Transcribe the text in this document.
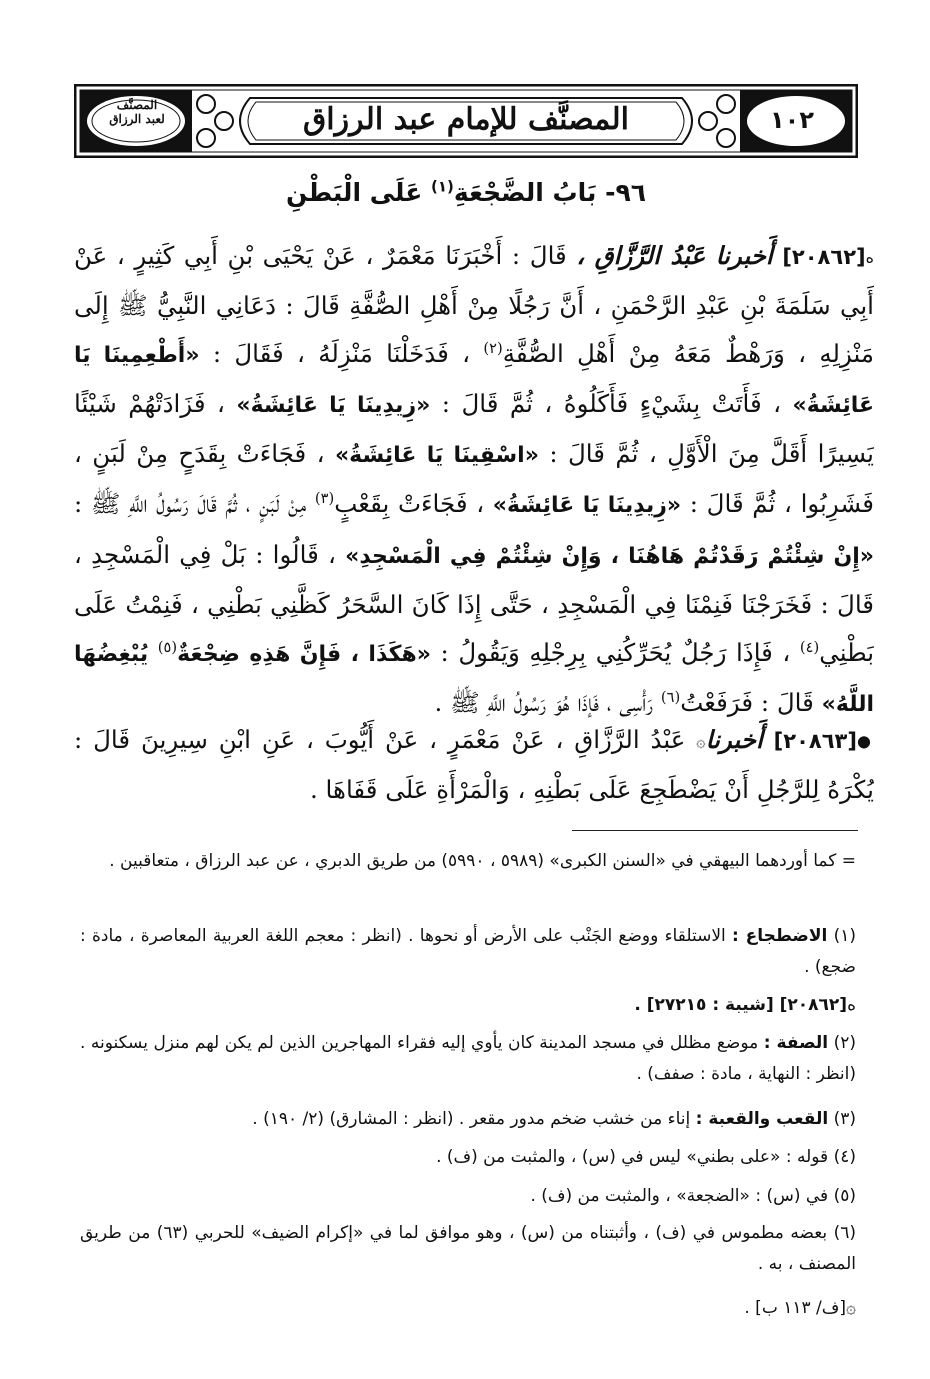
المصنَّف
لعبد الرزاق	المصنَّف للإمام عبد الرزاق	١٠٢
٩٦- بَابُ الضَّجْعَةِ$^{(١)}$ عَلَى الْبَطْنِ
ه[٢٠٨٦٢] أَخبرنا عَبْدُ الرَّزَّاقِ ، قَالَ : أَخْبَرَنَا مَعْمَرٌ ، عَنْ يَحْيَى بْنِ أَبِي كَثِيرٍ ، عَنْ أَبِي سَلَمَةَ بْنِ عَبْدِ الرَّحْمَنِ ، أَنَّ رَجُلًا مِنْ أَهْلِ الصُّفَّةِ قَالَ : دَعَانِي النَّبِيُّ ﷺ إِلَى مَنْزِلِهِ ، وَرَهْطٌ مَعَهُ مِنْ أَهْلِ الصُّفَّةِ$^{(٢)}$ ، فَدَخَلْنَا مَنْزِلَهُ ، فَقَالَ : «أَطْعِمِينَا يَا عَائِشَةُ» ، فَأَتَتْ بِشَيْءٍ فَأَكَلُوهُ ، ثُمَّ قَالَ : «زِيدِينَا يَا عَائِشَةُ» ، فَزَادَتْهُمْ شَيْئًا يَسِيرًا أَقَلَّ مِنَ الْأَوَّلِ ، ثُمَّ قَالَ : «اسْقِينَا يَا عَائِشَةُ» ، فَجَاءَتْ بِقَدَحٍ مِنْ لَبَنٍ ، فَشَرِبُوا ، ثُمَّ قَالَ : «زِيدِينَا يَا عَائِشَةُ» ، فَجَاءَتْ بِقَعْبٍ$^{(٣)}$ مِنْ لَبَنٍ ، ثُمَّ قَالَ رَسُولُ اللَّهِ ﷺ : «إِنْ شِئْتُمْ رَقَدْتُمْ هَاهُنَا ، وَإِنْ شِئْتُمْ فِي الْمَسْجِدِ» ، قَالُوا : بَلْ فِي الْمَسْجِدِ ، قَالَ : فَخَرَجْنَا فَنِمْنَا فِي الْمَسْجِدِ ، حَتَّى إِذَا كَانَ السَّحَرُ كَظَّنِي بَطْنِي ، فَنِمْتُ عَلَى بَطْنِي$^{(٤)}$ ، فَإِذَا رَجُلٌ يُحَرِّكُنِي بِرِجْلِهِ وَيَقُولُ : «هَكَذَا ، فَإِنَّ هَذِهِ ضِجْعَةٌ$^{(٥)}$ يُبْغِضُهَا اللَّهُ» قَالَ : فَرَفَعْتُ$^{(٦)}$ رَأْسِي ، فَإِذَا هُوَ رَسُولُ اللَّهِ ﷺ .
●[٢٠٨٦٣] أَخبرنا۞ عَبْدُ الرَّزَّاقِ ، عَنْ مَعْمَرٍ ، عَنْ أَيُّوبَ ، عَنِ ابْنِ سِيرِينَ قَالَ : يُكْرَهُ لِلرَّجُلِ أَنْ يَضْطَجِعَ عَلَى بَطْنِهِ ، وَالْمَرْأَةِ عَلَى قَفَاهَا .
= كما أوردهما البيهقي في «السنن الكبرى» (٥٩٨٩ ، ٥٩٩٠) من طريق الدبري ، عن عبد الرزاق ، متعاقبين .
(١) الاضطجاع : الاستلقاء ووضع الجَنْب على الأرض أو نحوها . (انظر : معجم اللغة العربية المعاصرة ، مادة : ضجع) .
ه[٢٠٨٦٢] [شيبة : ٢٧٢١٥] .
(٢) الصفة : موضع مظلل في مسجد المدينة كان يأوي إليه فقراء المهاجرين الذين لم يكن لهم منزل يسكنونه . (انظر : النهاية ، مادة : صفف) .
(٣) القعب والقعبة : إناء من خشب ضخم مدور مقعر . (انظر : المشارق) (٢/ ١٩٠) .
(٤) قوله : «على بطني» ليس في (س) ، والمثبت من (ف) .
(٥) في (س) : «الضجعة» ، والمثبت من (ف) .
(٦) بعضه مطموس في (ف) ، وأثبتناه من (س) ، وهو موافق لما في «إكرام الضيف» للحربي (٦٣) من طريق المصنف ، به .
۞[ف/ ١١٣ ب] .
